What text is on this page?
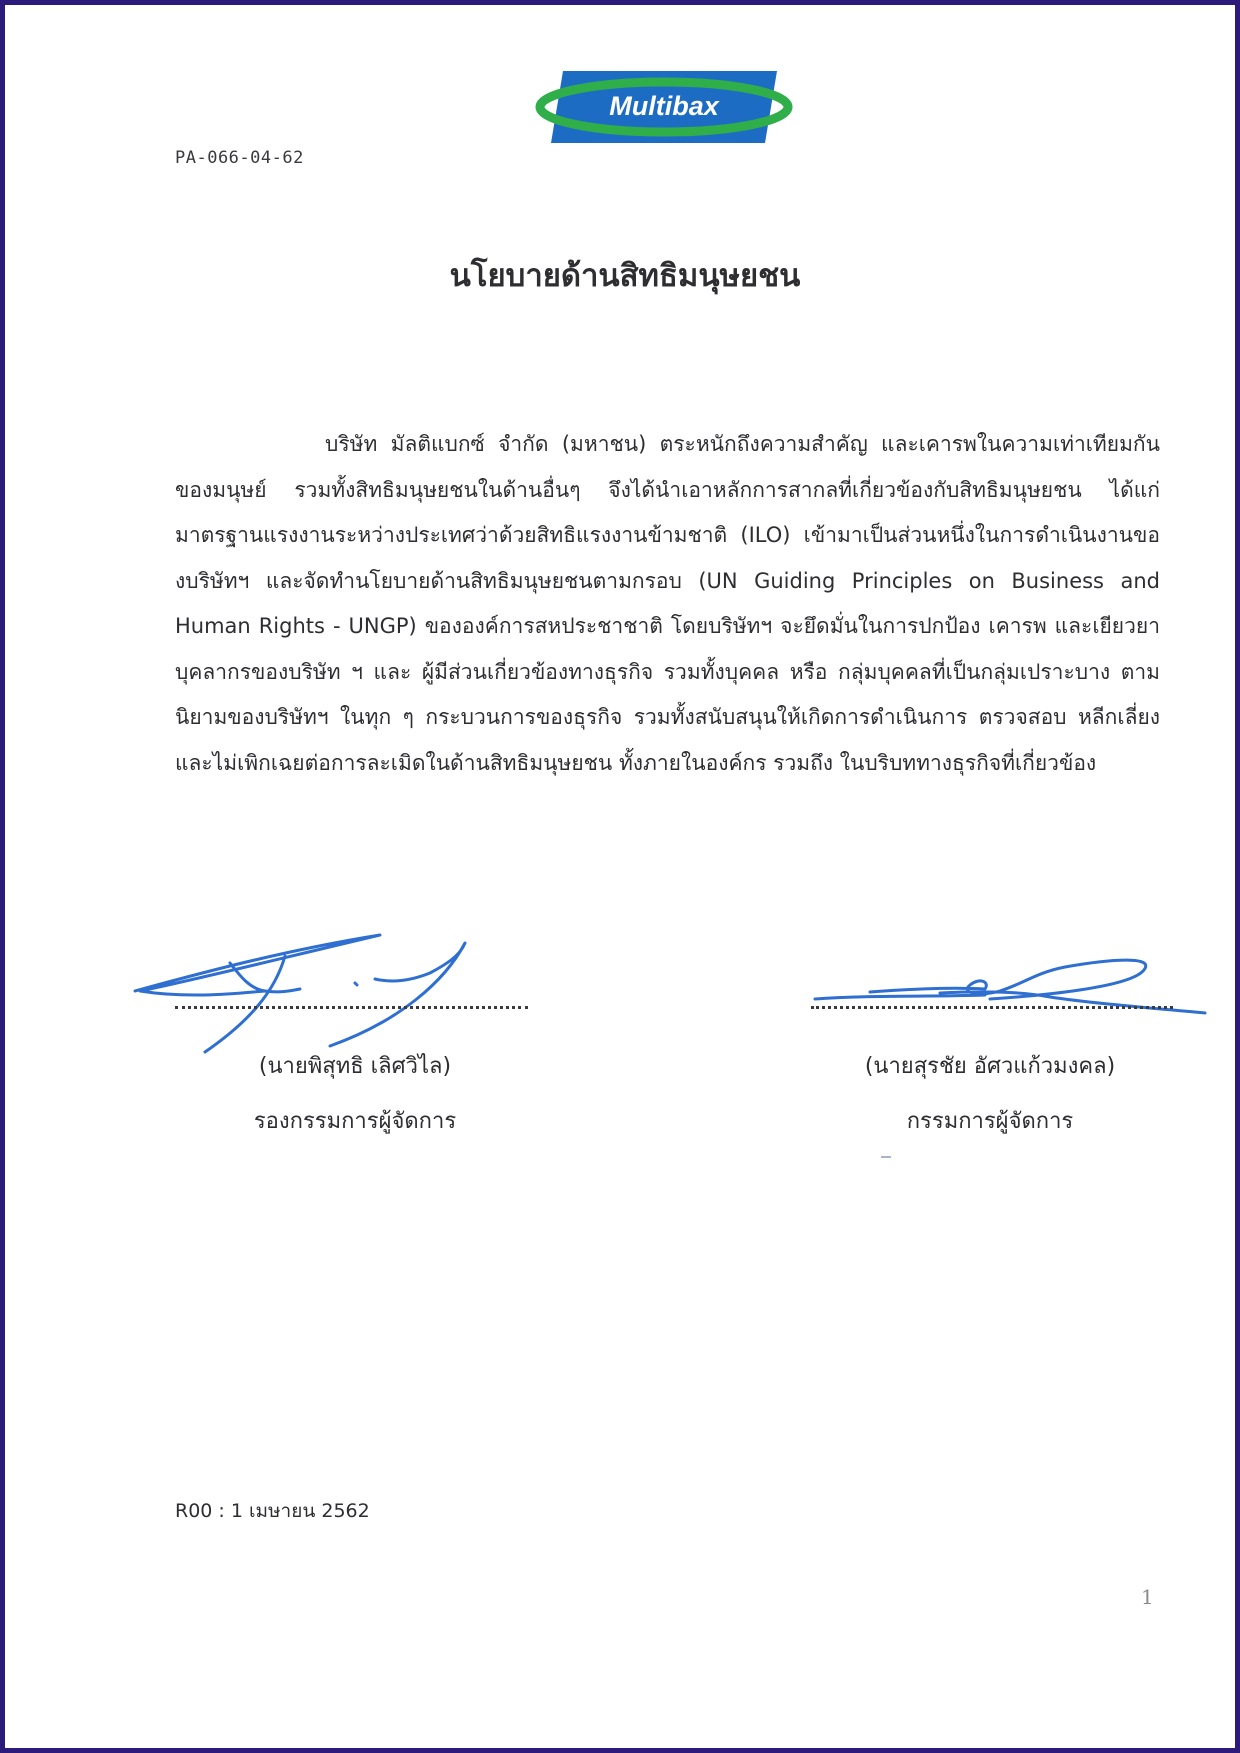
Multibax
PA-066-04-62
นโยบายด้านสิทธิมนุษยชน

บริษัท มัลติแบกซ์ จำกัด (มหาชน) ตระหนักถึงความสำคัญ และเคารพในความเท่าเทียมกันของมนุษย์ รวมทั้งสิทธิมนุษยชนในด้านอื่นๆ จึงได้นำเอาหลักการสากลที่เกี่ยวข้องกับสิทธิมนุษยชน ได้แก่ มาตรฐานแรงงานระหว่างประเทศว่าด้วยสิทธิแรงงานข้ามชาติ (ILO) เข้ามาเป็นส่วนหนึ่งในการดำเนินงานของบริษัทฯ และจัดทำนโยบายด้านสิทธิมนุษยชนตามกรอบ (UN Guiding Principles on Business and Human Rights - UNGP) ขององค์การสหประชาชาติ โดยบริษัทฯ จะยึดมั่นในการปกป้อง เคารพ และเยียวยา บุคลากรของบริษัท ฯ และ ผู้มีส่วนเกี่ยวข้องทางธุรกิจ รวมทั้งบุคคล หรือ กลุ่มบุคคลที่เป็นกลุ่มเปราะบาง ตามนิยามของบริษัทฯ ในทุก ๆ กระบวนการของธุรกิจ รวมทั้งสนับสนุนให้เกิดการดำเนินการ ตรวจสอบ หลีกเลี่ยง และไม่เพิกเฉยต่อการละเมิดในด้านสิทธิมนุษยชน ทั้งภายในองค์กร รวมถึง ในบริบททางธุรกิจที่เกี่ยวข้อง

(นายพิสุทธิ เลิศวิไล)
รองกรรมการผู้จัดการ
(นายสุรชัย อัศวแก้วมงคล)
กรรมการผู้จัดการ
R00 : 1 เมษายน 2562
1
